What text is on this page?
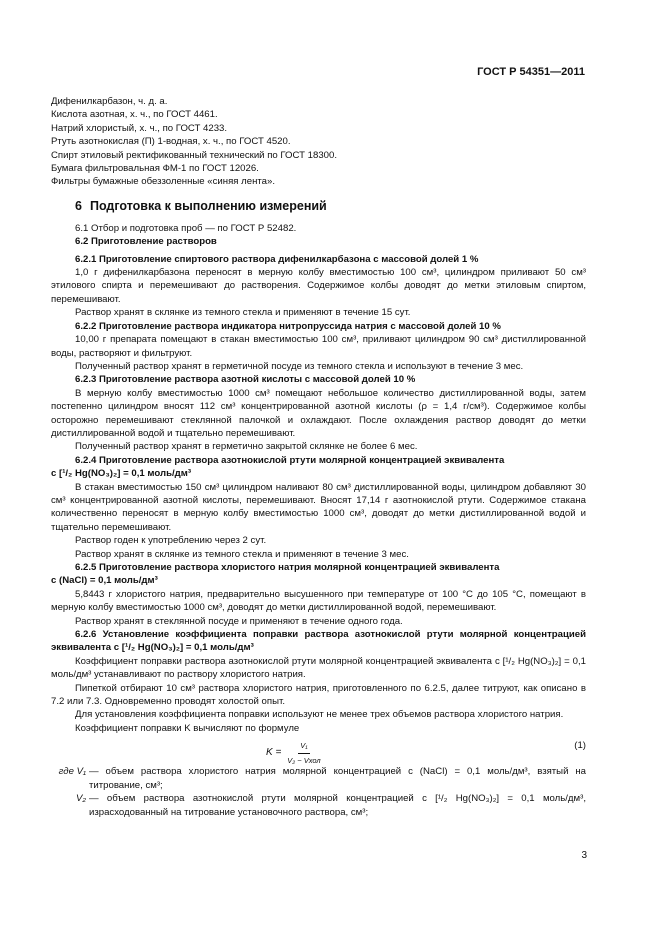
ГОСТ Р 54351—2011

Дифенилкарбазон, ч. д. а.

Кислота азотная, х. ч., по ГОСТ 4461.

Натрий хлористый, х. ч., по ГОСТ 4233.

Ртуть азотнокислая (П) 1-водная, х. ч., по ГОСТ 4520.

Спирт этиловый ректификованный технический по ГОСТ 18300.

Бумага фильтровальная ФМ-1 по ГОСТ 12026.

Фильтры бумажные обеззоленные «синяя лента».

6 Подготовка к выполнению измерений

6.1 Отбор и подготовка проб — по ГОСТ Р 52482.

6.2 Приготовление растворов

6.2.1 Приготовление спиртового раствора дифенилкарбазона с массовой долей 1 %

1,0 г дифенилкарбазона переносят в мерную колбу вместимостью 100 см³, цилиндром приливают 50 см³ этилового спирта и перемешивают до растворения. Содержимое колбы доводят до метки этиловым спиртом, перемешивают.

Раствор хранят в склянке из темного стекла и применяют в течение 15 сут.

6.2.2 Приготовление раствора индикатора нитропруссида натрия с массовой долей 10 %

10,00 г препарата помещают в стакан вместимостью 100 см³, приливают цилиндром 90 см³ дистиллированной воды, растворяют и фильтруют.

Полученный раствор хранят в герметичной посуде из темного стекла и используют в течение 3 мес.

6.2.3 Приготовление раствора азотной кислоты с массовой долей 10 %

В мерную колбу вместимостью 1000 см³ помещают небольшое количество дистиллированной воды, затем постепенно цилиндром вносят 112 см³ концентрированной азотной кислоты (ρ = 1,4 г/см³). Содержимое колбы осторожно перемешивают стеклянной палочкой и охлаждают. После охлаждения раствор доводят до метки дистиллированной водой и тщательно перемешивают.

Полученный раствор хранят в герметично закрытой склянке не более 6 мес.

6.2.4 Приготовление раствора азотнокислой ртути молярной концентрацией эквивалента

c [¹/₂ Hg(NO₃)₂] = 0,1 моль/дм³

В стакан вместимостью 150 см³ цилиндром наливают 80 см³ дистиллированной воды, цилиндром добавляют 30 см³ концентрированной азотной кислоты, перемешивают. Вносят 17,14 г азотнокислой ртути. Содержимое стакана количественно переносят в мерную колбу вместимостью 1000 см³, доводят до метки дистиллированной водой и тщательно перемешивают.

Раствор годен к употреблению через 2 сут.

Раствор хранят в склянке из темного стекла и применяют в течение 3 мес.

6.2.5 Приготовление раствора хлористого натрия молярной концентрацией эквивалента

c (NaCl) = 0,1 моль/дм³

5,8443 г хлористого натрия, предварительно высушенного при температуре от 100 °С до 105 °С, помещают в мерную колбу вместимостью 1000 см³, доводят до метки дистиллированной водой, перемешивают.

Раствор хранят в стеклянной посуде и применяют в течение одного года.

6.2.6 Установление коэффициента поправки раствора азотнокислой ртути молярной концентрацией эквивалента c [¹/₂ Hg(NO₃)₂] = 0,1 моль/дм³

Коэффициент поправки раствора азотнокислой ртути молярной концентрацией эквивалента c [¹/₂ Hg(NO₃)₂] = 0,1 моль/дм³ устанавливают по раствору хлористого натрия.

Пипеткой отбирают 10 см³ раствора хлористого натрия, приготовленного по 6.2.5, далее титруют, как описано в 7.2 или 7.3. Одновременно проводят холостой опыт.

Для установления коэффициента поправки используют не менее трех объемов раствора хлористого натрия.

Коэффициент поправки K вычисляют по формуле

$K = \frac{\text{V₁}}{\text{V₂ − Vхол}}$	(1)
где V₁ — объем раствора хлористого натрия молярной концентрацией c (NaCl) = 0,1 моль/дм³, взятый на титрование, см³;
V₂ — объем раствора азотнокислой ртути молярной концентрацией c [¹/₂ Hg(NO₃)₂] = 0,1 моль/дм³, израсходованный на титрование установочного раствора, см³;
3
